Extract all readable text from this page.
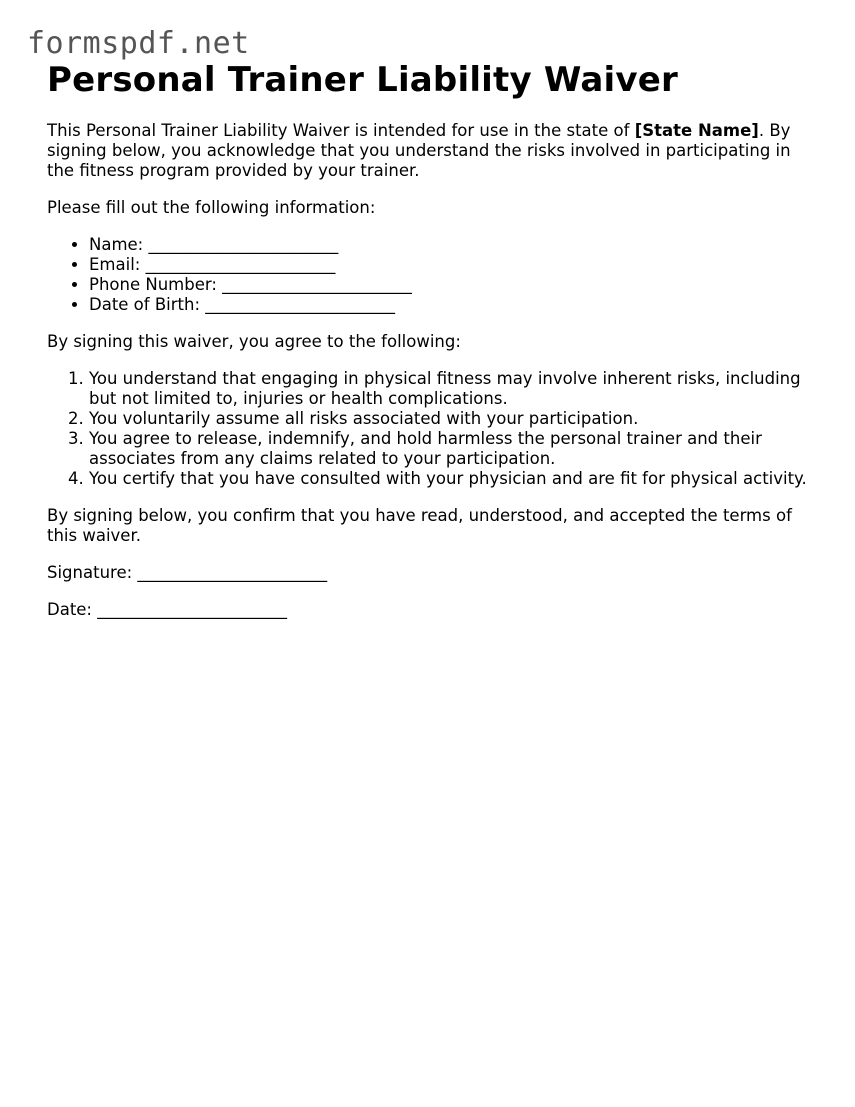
formspdf.net
Personal Trainer Liability Waiver

This Personal Trainer Liability Waiver is intended for use in the state of [State Name]. By signing below, you acknowledge that you understand the risks involved in participating in the fitness program provided by your trainer.

Please fill out the following information:

• Name: _______________________
• Email: _______________________
• Phone Number: _______________________
• Date of Birth: _______________________

By signing this waiver, you agree to the following:

1. You understand that engaging in physical fitness may involve inherent risks, including but not limited to, injuries or health complications.
2. You voluntarily assume all risks associated with your participation.
3. You agree to release, indemnify, and hold harmless the personal trainer and their associates from any claims related to your participation.
4. You certify that you have consulted with your physician and are fit for physical activity.

By signing below, you confirm that you have read, understood, and accepted the terms of this waiver.

Signature: _______________________

Date: _______________________
